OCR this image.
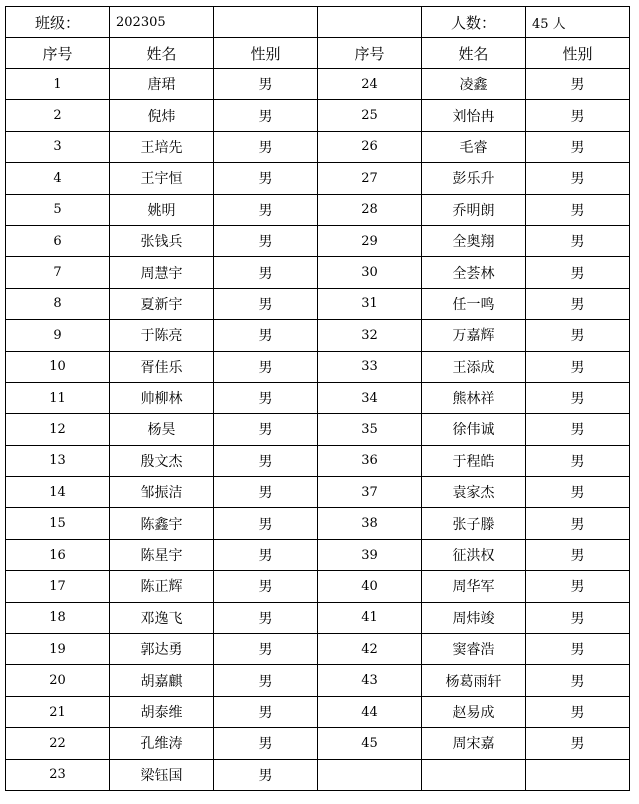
班级：	202305			人数：	45 人
序号	姓名	性别	序号	姓名	性别
1	唐珺	男	24	凌鑫	男
2	倪炜	男	25	刘怡冉	男
3	王培先	男	26	毛睿	男
4	王宇恒	男	27	彭乐升	男
5	姚明	男	28	乔明朗	男
6	张钱兵	男	29	全奥翔	男
7	周慧宇	男	30	全荟林	男
8	夏新宇	男	31	任一鸣	男
9	于陈亮	男	32	万嘉辉	男
10	胥佳乐	男	33	王添成	男
11	帅柳林	男	34	熊林祥	男
12	杨昊	男	35	徐伟诚	男
13	殷文杰	男	36	于程皓	男
14	邹振洁	男	37	袁家杰	男
15	陈鑫宇	男	38	张子滕	男
16	陈星宇	男	39	征洪权	男
17	陈正辉	男	40	周华军	男
18	邓逸飞	男	41	周炜竣	男
19	郭达勇	男	42	窦睿浩	男
20	胡嘉麒	男	43	杨葛雨轩	男
21	胡泰维	男	44	赵易成	男
22	孔维涛	男	45	周宋嘉	男
23	梁钰国	男			
